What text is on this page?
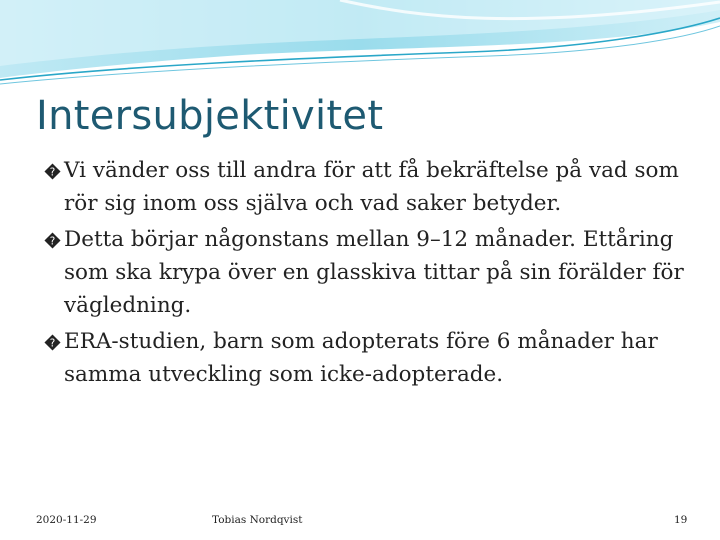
Intersubjektivitet
? Vi vänder oss till andra för att få bekräftelse på vad som rör sig inom oss själva och vad saker betyder.
? Detta börjar någonstans mellan 9–12 månader. Ettåring som ska krypa över en glasskiva tittar på sin förälder för vägledning.
? ERA-studien, barn som adopterats före 6 månader har samma utveckling som icke-adopterade.
2020-11-29	Tobias Nordqvist	19
